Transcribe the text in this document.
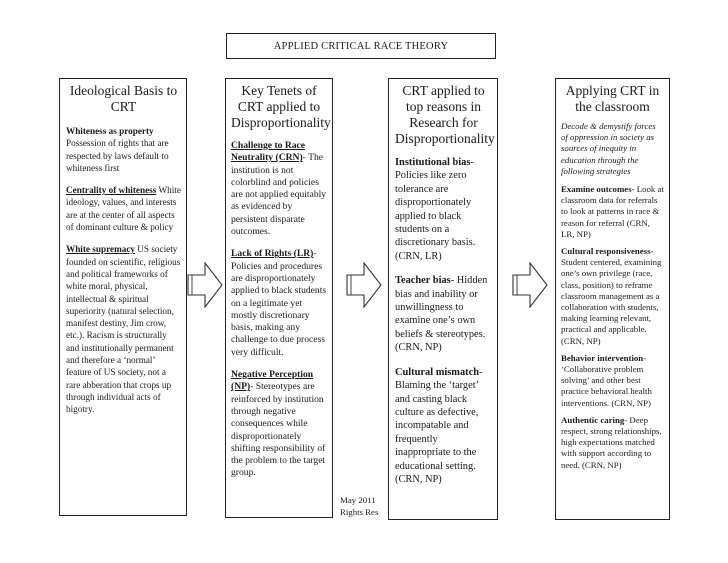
APPLIED CRITICAL RACE THEORY
Ideological Basis to CRT
Whiteness as property Possession of rights that are respected by laws default to whiteness first
Centrality of whiteness White ideology, values, and interests are at the center of all aspects of dominant culture & policy
White supremacy US society founded on scientific, religious and political frameworks of white moral, physical, intellectual & spiritual superiority (natural selection, manifest destiny, Jim crow, etc.). Racism is structurally and institutionally permanent and therefore a ‘normal’ feature of US society, not a rare abberation that crops up through individual acts of bigotry.
Key Tenets of CRT applied to Disproportionality
Challenge to Race Neutrality (CRN)- The institution is not colorblind and policies are not applied equitably as evidenced by persistent disparate outcomes.
Lack of Rights (LR)- Policies and procedures are disproportionately applied to black students on a legitimate yet mostly discretionary basis, making any challenge to due process very difficult.
Negative Perception (NP)- Stereotypes are reinforced by institution through negative consequences while disproportionately shifting responsibility of the problem to the target group.
CRT applied to top reasons in Research for Disproportionality
Institutional bias- Policies like zero tolerance are disproportionately applied to black students on a discretionary basis. (CRN, LR)
Teacher bias- Hidden bias and inability or unwillingness to examine one’s own beliefs & stereotypes. (CRN, NP)
Cultural mismatch- Blaming the ‘target’ and casting black culture as defective, incompatable and frequently inappropriate to the educational setting. (CRN, NP)
Applying CRT in the classroom
Decode & demystify forces of oppression in society as sources of inequity in education through the following strategies
Examine outcomes- Look at classroom data for referrals to look at patterns in race & reason for referral (CRN, LR, NP)
Cultural responsiveness- Student centered, examining one’s own privilege (race, class, position) to reframe classroom management as a collaboration with students, making learning relevant, practical and applicable. (CRN, NP)
Behavior intervention- ‘Collaborative problem solving’ and other best practice behavioral health interventions. (CRN, NP)
Authentic caring- Deep respect, strong relationships, high expectations matched with support according to need. (CRN, NP)
May 2011
Rights Res
